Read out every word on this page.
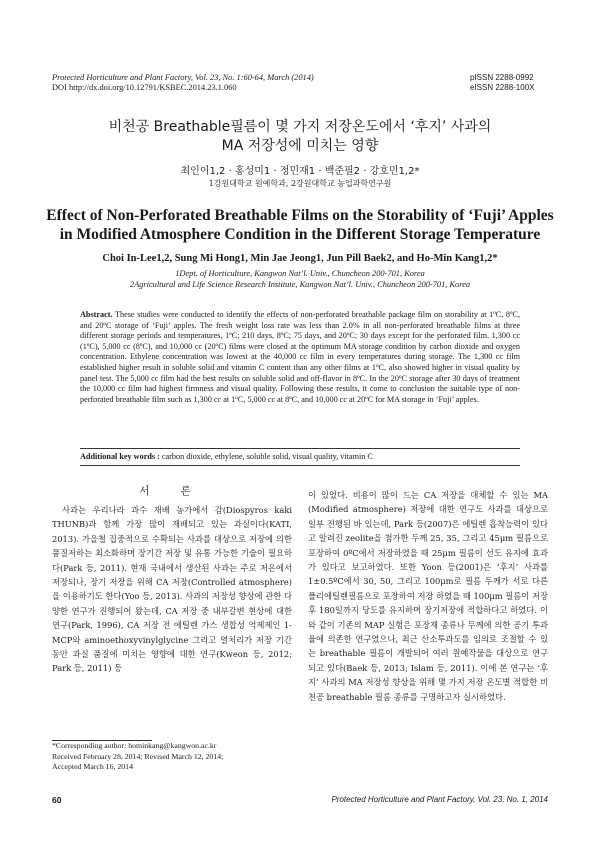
Protected Horticulture and Plant Factory, Vol. 23, No. 1:60-64, March (2014)
DOI http://dx.doi.org/10.12791/KSBEC.2014.23.1.060
pISSN 2288-0992
eISSN 2288-100X
비천공 Breathable필름이 몇 가지 저장온도에서 ‘후지’ 사과의
MA 저장성에 미치는 영향
최인이1,2 · 홍성미1 · 정민재1 · 백준필2 · 강호민1,2*
1강원대학교 원예학과, 2강원대학교 농업과학연구원
Effect of Non-Perforated Breathable Films on the Storability of ‘Fuji’ Apples
in Modified Atmosphere Condition in the Different Storage Temperature
Choi In-Lee1,2, Sung Mi Hong1, Min Jae Jeong1, Jun Pill Baek2, and Ho-Min Kang1,2*
1Dept. of Horticulture, Kangwon Nat’l. Univ., Chuncheon 200-701, Korea
2Agricultural and Life Science Research Institute, Kangwon Nat’l. Univ., Chuncheon 200-701, Korea
Abstract. These studies were conducted to identify the effects of non-perforated breathable package film on storability at 1ºC, 8ºC, and 20ºC storage of ‘Fuji’ apples. The fresh weight loss rate was less than 2.0% in all non-perforated breathable films at three different storage periods and temperatures, 1ºC; 210 days, 8ºC; 75 days, and 20ºC; 30 days except for the perforated film. 1,300 cc (1ºC), 5,000 cc (8ºC), and 10,000 cc (20ºC) films were closed at the optimum MA storage condition by carbon dioxide and oxygen concentration. Ethylene concentration was lowest at the 40,000 cc film in every temperatures during storage. The 1,300 cc film established higher result in soluble solid and vitamin C content than any other films at 1ºC, also showed higher in visual quality by panel test. The 5,000 cc film had the best results on soluble solid and off-flavor in 8ºC. In the 20ºC storage after 30 days of treatment the 10,000 cc film had highest firmness and visual quality. Following these results, it come to conclusion the suitable type of non-perforated breathable film such as 1,300 cc at 1ºC, 5,000 cc at 8ºC, and 10,000 cc at 20ºC for MA storage in ‘Fuji’ apples.
Additional key words : carbon dioxide, ethylene, soluble solid, visual quality, vitamin C
서 론

사과는 우리나라 과수 재배 농가에서 감(Diospyros kaki THUNB)과 함께 가장 많이 재배되고 있는 과실이다(KATI, 2013). 가을철 집중적으로 수확되는 사과를 대상으로 저장에 의한 품질저하는 최소화하며 장기간 저장 및 유통 가능한 기술이 필요하다(Park 등, 2011). 현재 국내에서 생산된 사과는 주로 저온에서 저장되나, 장기 저장을 위해 CA 저장(Controlled atmosphere)을 이용하기도 한다(Yoo 등, 2013). 사과의 저장성 향상에 관한 다양한 연구가 진행되어 왔는데, CA 저장 중 내부갈변 현상에 대한 연구(Park, 1996), CA 저장 전 에틸렌 가스 생합성 억제제인 1-MCP와 aminoethoxyvinylglycine 그리고 열처리가 저장 기간 동안 과실 품질에 미치는 영향에 대한 연구(Kweon 등, 2012; Park 등, 2011) 등

이 있었다. 비용이 많이 드는 CA 저장을 대체할 수 있는 MA (Modified atmosphere) 저장에 대한 연구도 사과를 대상으로 일부 진행된 바 있는데, Park 등(2007)은 에틸렌 흡착능력이 있다고 알려진 zeolite을 첨가한 두께 25, 35, 그리고 45μm 필름으로 포장하여 0ºC에서 저장하였을 때 25μm 필름이 선도 유지에 효과가 있다고 보고하였다. 또한 Yoon 등(2001)은 ‘후지’ 사과를 1±0.5ºC에서 30, 50, 그리고 100μm로 필름 두께가 서로 다른 폴리에틸렌필름으로 포장하여 저장 하였을 때 100μm 필름이 저장 후 180일까지 당도를 유지하며 장기저장에 적합하다고 하였다. 이와 같이 기존의 MAP 실험은 포장재 종류나 두께에 의한 공기 투과율에 의존한 연구였으나, 최근 산소투과도를 임의로 조절할 수 있는 breathable 필름이 개발되어 여러 원예작물을 대상으로 연구되고 있다(Baek 등, 2013; Islam 등, 2011). 이에 본 연구는 ‘후지’ 사과의 MA 저장성 향상을 위해 몇 가지 저장 온도별 적합한 비천공 breathable 필름 종류를 구명하고자 실시하였다.

*Corresponding author: hominkang@kangwon.ac.kr
Received February 28, 2014; Revised March 12, 2014;
Accepted March 16, 2014
60	Protected Horticulture and Plant Factory, Vol. 23, No. 1, 2014
